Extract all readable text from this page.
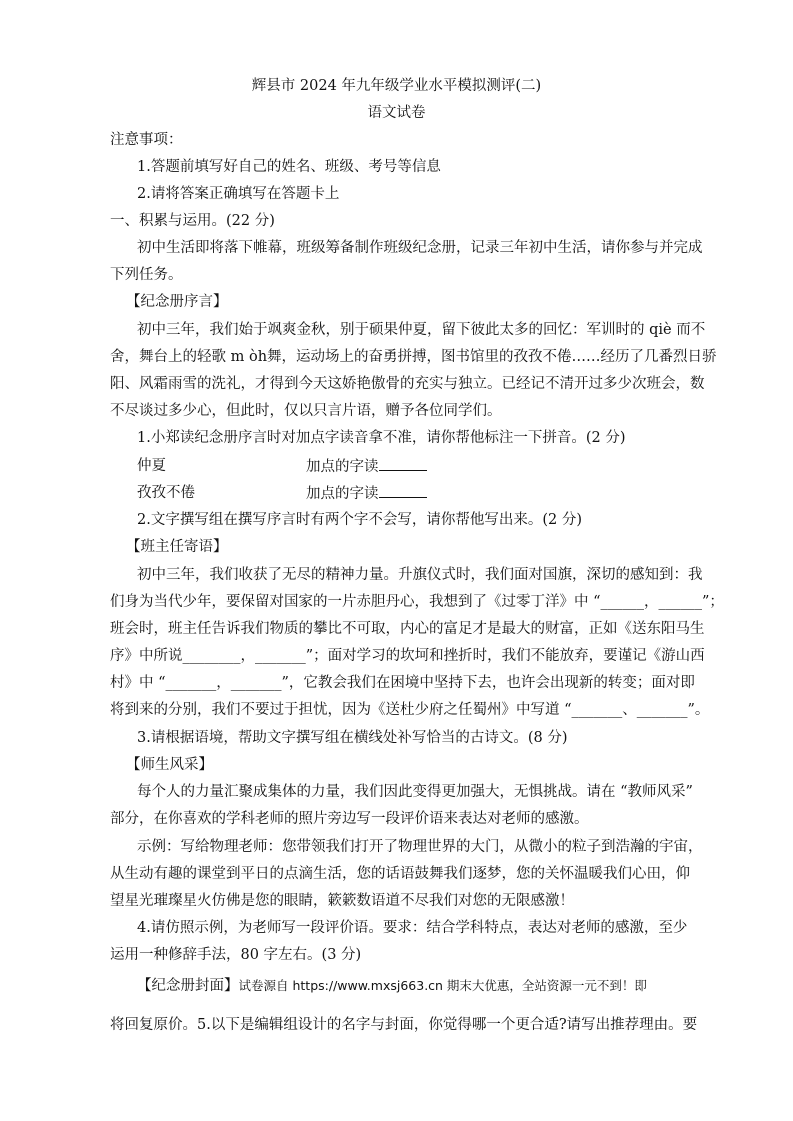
辉县市 2024 年九年级学业水平模拟测评(二)
语文试卷
注意事项：
1.答题前填写好自己的姓名、班级、考号等信息
2.请将答案正确填写在答题卡上
一、积累与运用。(22 分)
初中生活即将落下帷幕，班级筹备制作班级纪念册，记录三年初中生活，请你参与并完成
下列任务。
【纪念册序言】
初中三年，我们始于飒爽金秋，别于硕果仲夏，留下彼此太多的回忆：军训时的 qiè 而不
舍，舞台上的轻歌 m òh舞，运动场上的奋勇拼搏，图书馆里的孜孜不倦……经历了几番烈日骄
阳、风霜雨雪的洗礼，才得到今天这娇艳傲骨的充实与独立。已经记不清开过多少次班会，数
不尽谈过多少心，但此时，仅以只言片语，赠予各位同学们。
1.小郑读纪念册序言时对加点字读音拿不准，请你帮他标注一下拼音。(2 分)
仲夏	加点的字读
孜孜不倦	加点的字读
2.文字撰写组在撰写序言时有两个字不会写，请你帮他写出来。(2 分)
【班主任寄语】
初中三年，我们收获了无尽的精神力量。升旗仪式时，我们面对国旗，深切的感知到：我
们身为当代少年，要保留对国家的一片赤胆丹心，我想到了《过零丁洋》中 “______，______”；
班会时，班主任告诉我们物质的攀比不可取，内心的富足才是最大的财富，正如《送东阳马生
序》中所说________，_______”；面对学习的坎坷和挫折时，我们不能放弃，要谨记《游山西
村》中 “_______，_______”，它教会我们在困境中坚持下去，也许会出现新的转变；面对即
将到来的分别，我们不要过于担忧，因为《送杜少府之任蜀州》中写道 “_______、_______”。
3.请根据语境，帮助文字撰写组在横线处补写恰当的古诗文。(8 分)
【师生风采】
每个人的力量汇聚成集体的力量，我们因此变得更加强大，无惧挑战。请在 “教师风采”
部分，在你喜欢的学科老师的照片旁边写一段评价语来表达对老师的感激。
示例：写给物理老师：您带领我们打开了物理世界的大门，从微小的粒子到浩瀚的宇宙，
从生动有趣的课堂到平日的点滴生活，您的话语鼓舞我们逐梦，您的关怀温暖我们心田，仰
望星光璀璨星火仿佛是您的眼睛，簌簌数语道不尽我们对您的无限感激！
4.请仿照示例，为老师写一段评价语。要求：结合学科特点，表达对老师的感激，至少
运用一种修辞手法，80 字左右。(3 分)
【纪念册封面】试卷源自 https://www.mxsj663.cn 期末大优惠，全站资源一元不到！即
将回复原价。5.以下是编辑组设计的名字与封面，你觉得哪一个更合适?请写出推荐理由。要
